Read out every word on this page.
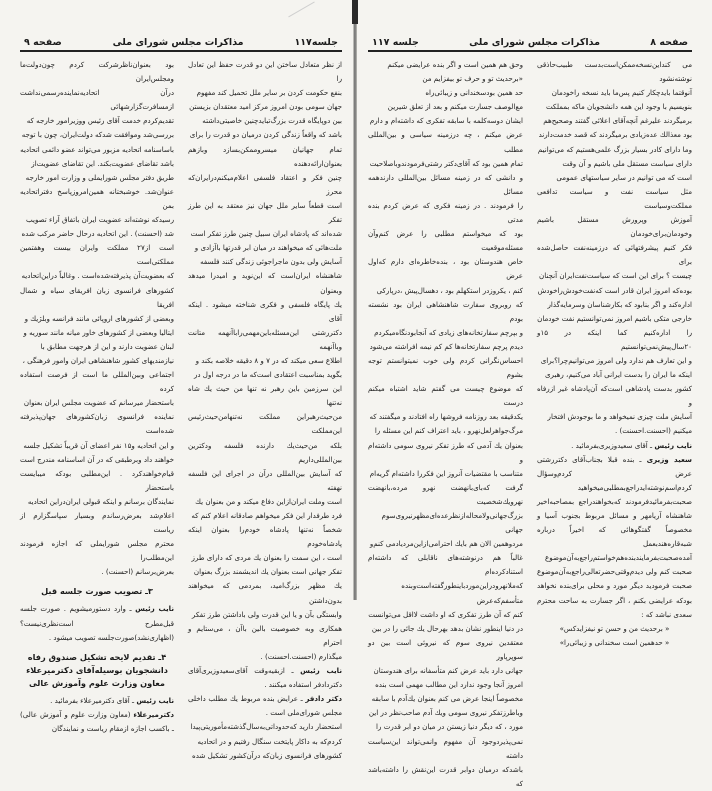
جلسه۱۱۷
مذاکرات مجلس شورای ملی
صفحه ۹

از نظر متعادل ساختن این دو قدرت حفظ این تعادل را
بنفع حکومت کردن بر سایر ملل تحمیل کند مفهوم
جهان سومی بودن امروز مرکز امید معتقدان بزیستن
بین دوپایگاه قدرت بزرگ‌تباید‌چنین خاصیتی‌داشته
باشد که واقعاً زندگی کردن درمیان دو قدرت را برای
تمام جهانیان میسروممکن‌بسازد وبازهم بعنوان‌ارائه‌دهنده
چنین فکر و اعتقاد فلسفی اعلام‌میکنم‌درایران‌که محرز
است قطعاً سایر ملل جهان نیز معتقد به این طرز تفکر
شده‌اند که پادشاه ایران سبیل چنین طرز تفکر است
ملت‌هائی که میخواهند در میان ابر قدرتها باآزادی و
آسایش ولی بدون ماجراجوئی زندگی کنند فلسفه
شاهنشاه ایران‌است که این‌نوید و امیدرا میدهد وبعنوان
یك پایگاه فلسفی و فکری شناخته میشود . اینکه آقای
دکتررشتی این‌مسئله‌باین‌مهمی‌راباآنهمه متانت وباآنهمه
اطلاع سعی میکند که در ۷ و ۸ دقیقه خلاصه بکند و
بگوید بمناسبت اعتقادی است‌که ما در درجه اول در
این سرزمین باین رهبر نه تنها من حیث یك شاه نه‌تنها
من‌حیث‌رهبراین مملکت نه‌تنهامن‌حیث‌رئیس این‌مملکت
بلکه من‌حیث‌یك دارنده فلسفه ودکترین بین‌المللی‌داریم
که آسایش بین‌المللی درآن در اجرای این فلسفه نهفته
است وملت ایران‌ازاین دفاع میکند و من بعنوان یك
فرد طرفدار این فکر میخواهم صادقانه اعلام کنم که
شخصاً نه‌تنها پادشاه خودم‌را بعنوان اینکه پادشاه‌خودم
است ، این سمت را بعنوان یك مردی که دارای طرز
تفکر جهانی است بعنوان یك اندیشمند بزرگ بعنوان
یك مظهر بزرگ‌امید، بمردمی که میخواهند بدون‌داشتن
وابستگی بآن و یا این قدرت ولی باداشتن طرز تفکر
همکاری وبه خصوصیت بالین باآن ، می‌ستایم و احترام
میگذارم (احسنت.احسنت) .

نایب رئیس ـ ازبقیه‌وقت آقای‌سعیدوزیری‌آقای دکتردادفر استفاده میکنند .

دکتر دادفر ـ عرایض بنده مربوط یك مطلب داخلی مجلس شورای‌ملی است .

استحضار دارید که‌حدود‌اتی‌به‌سال‌گذشته‌مأموریتی‌پیدا
کردم‌که به داکار پایتخت سنگال رفتیم و در اتحادیه
کشورهای فرانسوی زبان‌که درآن‌کشور تشکیل شده

بود بعنوان‌ناظرشرکت کردم چون‌دولت‌ما ومجلس‌ایران
درآن اتحادیه‌نماینده‌رسمی‌نداشت ازمسافرت‌گزارشهائی
تقدیم‌کردم خدمت آقای رئیس ووزیرامور خارجه که
بررسی‌شد وموافقت شدکه دولت‌ایران، چون با توجه
باساسنامه اتحادیه مزبور می‌تواند عضو دائمی اتحادیه
باشد تقاضای عضویت‌بکند. این تقاضای عضویت‌از
طریق دفتر مجلس شورایملی و وزارت امور خارجه
عنوان‌شد. خوشبختانه همین‌امروز‌پاسخ دفتراتحادیه بمن
رسیدکه نوشته‌اند عضویت ایران باتفاق آراء تصویب
شد (احسنت) . این اتحادیه درحال حاضر مرکب شده
است از۲۷ مملکت وایران بیست وهفتمین مملکتی‌است
که بعضویت‌آن پذیرفته‌شده‌است . وغالباً دراین‌اتحادیه
کشورهای فرانسوی زبان افریقای سیاه و شمال افریقا
وبعضی از کشورهای اروپائی مانند فرانسه وبلژیك و
ایتالیا وبعضی از کشورهای خاور میانه مانند سوریه و
لبنان عضویت دارند و این از هرجهت مطابق با
نیازمندیهای کشور شاهنشاهی ایران وامور فرهنگی ،
اجتماعی وبین‌المللی ما است از فرصت استفاده کرده
باستحضار میرسانم که عضویت مجلس ایران بعنوان
نماینده فرانسوی زبان‌کشورهای جهان‌پذیرفته شده‌است
و این اتحادیه و۱۵ نفر اعضای آن قریباً تشکیل جلسه
خواهند داد وبرطبقی که در آن اساسنامه مندرج است
قیام‌خواهندکرد . این‌مطلبی بودکه میبایست باستحضار
نمایندگان برسانم و اینکه قبولی ایران‌دراین اتحادیه
اعلام‌شد بعرض‌رساندم وبسیار سپاسگزارم از ریاست
محترم مجلس شورایملی که اجازه فرمودند این‌مطلب‌را
بعرض‌برسانم (احسنت) .

۳ـ تصویب صورت جلسه قبل

نایب رئیس ـ وارد دستورمیشویم . صورت جلسه قبل‌مطرح است‌نظری‌نیست؟ (اظهاری‌نشد)صورت‌جلسه تصویب میشود .

۴ـ تقدیم لایحه تشکیل صندوق رفاه دانشجویان بوسیله‌آقای دکترمیرعلاء معاون وزارت علوم وآموزش عالی

نایب رئیس ـ آقای دکترمیرعلاء بفرمائید .

دکترمیرعلاء (معاون وزارت علوم و آموزش عالی) ـ باکسب اجازه ازمقام ریاست و نمایندگان

صفحه ۸
مذاکرات مجلس شورای ملی
جلسه ۱۱۷

می کنداین‌نسخه‌ممکن‌است‌بدست طبیب‌حاذقی نوشته‌نشود
آنوقتما بایدچکار کنیم پس‌ما باید نسخه راخودمان
بنویسیم با وجود این همه دانشجویان ماکه بمملکت
برمیگردند علیرغم آنچه‌آقای اعلائی گفتند وصحیح‌هم
بود معذالك عده‌زیادی برمیگردند که قصد خدمت‌دارند
وما دارای کادر بسیار بزرگ علمی‌هستیم که می‌توانیم
دارای سیاست مستقل ملی باشیم و آن وقت
است که می توانیم در سایر سیاستهای عمومی
مثل سیاست نفت و سیاست تدافعی مملکت‌وسیاست
آموزش وپرورش مستقل باشیم وخودمان‌برای‌خودمان
فکر کنیم پیشرفتهائی که درزمینه‌نفت حاصل‌شده برای
چیست ؟ برای این است که سیاست‌نفت‌ایران آنچنان
بوده‌که امروز ایران قادر است که‌نفت‌خودش‌راخودش
اداره‌کند و اگر بنابود که بکارشناسان وسرمایه‌گذار
خارجی متکی باشیم امروز نمی‌توانستیم نفت خودمان
را اداره‌کنیم کما اینکه در ۱۵و ۲۰سال‌پیش‌نمی‌توانستیم
و این تعارف هم ندارد ولی امروز می‌توانیم‌چرا؟برای
اینکه ما ایران را بدست ایرانی آباد می‌کنیم، رهبری
کشور بدست پادشاهی است‌که آن‌پادشاه غیر ازرفاه و
آسایش ملت چیزی نمیخواهد و ما بوجودش افتخار
میکنیم (احسنت.احسنت) .

نایب رئیس ـ آقای سعیدوزیری‌بفرمائید .

سعید وزیری ـ بنده قبلا بجناب‌آقای دکتررشتی عرض کردم‌وسؤال کردم‌اسم‌نوشته‌اید‌راجع‌بمطلبی‌میخواهید صحبت‌بفرمائید‌فرمودند که‌بخواهند‌راجع بمصاحبه‌اخیر شاهنشاه آریامهر و مسائل مربوط بجنوب آسیا و مخصوصاً گفتگوهائی که اخیراً درباره شبه‌قاره‌هند‌بعمل آمده‌صحبت‌بفرمایند‌بنده‌هم‌خواستم‌راجع‌به‌آن‌موضوع صحبت کنم ولی دیدم‌وقتی‌حضرتعالی‌راجع‌به‌آن‌موضوع صحبت فرمودید دیگر مورد و محلی برای‌بنده نخواهد بودکه عرایضی بکنم ، اگر جسارت به ساحت محترم سعدی نباشد که :

« برحدیث من و حسن تو نیفزاید‌کس»
« حدهمین است سخندانی و زیبائی‌را»

وحق هم همین است و اگر بنده عرایضی میکنم
«برحدیث تو و حرف تو بیفزایم من
حد همین بودسخندانی و زیبائی‌راه
مع‌الوصف جسارت میکنم و بعد از تعلق شیرین
ایشان دوسه‌کلمه با سابقه تفکری که داشته‌ام و دارم
عرض میکنم ، چه درزمینه سیاسی و بین‌المللی مطلب
تمام همین بود که آقای‌دکتر رشتی‌فرمودندو‌باصلاحیت
و دانشی که در زمینه مسائل بین‌المللی دارندهمه مسائل
را فرمودند . در زمینه فکری که عرض کردم بنده مدتی
بود که میخواستم مطلبی را عرض کنم‌و‌آن مسئله‌موقعیت
خاص هندوستان بود ، بنده‌خاطره‌ای دارم که‌اول عرض
کنم ، یکروزدر استکهلم بود ، دهسال‌پیش ،درپارکی
که روبروی سفارت شاهنشاهی ایران بود نشسته بودم
و بپرچم سفارتخانه‌های زیادی که آنجابودنگاه‌میکردم
دیدم پرچم سفارتخانه‌ها کم کم نیمه افراشته می‌شود
احساس‌نگرانی کردم ولی خوب نمیتوانستم توجه بشوم
که موضوع چیست می گفتم شاید اشتباه میکنم درست
یکدقیقه بعد روزنامه فروشها راه افتادند و میگفتند که
مرگ‌جواهرلعل‌نهرو ، باید اعتراف کنم این مسئله را
بعنوان یك آدمی که طرز تفکر نیروی سومی داشته‌ام و
متناسب با مقتضیات آنروز این فکررا داشته‌ام گریه‌ام
گرفت که‌بای‌بانهضت نهرو مرده،بانهضت نهرویك‌شخصیت
بزرگ‌جهانی‌ولامحاله‌ازنظرعده‌ای‌مظهرنیروی‌سوم جهانی
مردوهمین الان هم بایك احترامی‌ازاین‌مردیادمی کنم‌و
غالباً هم درنوشته‌های ناقابلی که داشته‌ام استنادکرده‌ام
که‌ملانهرودراین‌موردباینطورگفته‌است‌وبنده متأسفم‌که‌عرض
کنم که آن طرز تفکری که او داشت لااقل می‌توانست
در دنیا اینطور نشان بدهد بهرحال یك جائی را در بین
معتقدین نیروی سوم که نیروئی است بین دو سوپرپاور
جهانی دارد باید عرض کنم متأسفانه برای هندوستان
امروز آنجا وجود ندارد این مطالب مهمی است بنده
مخصوصاً اینجا عرض می کنم بعنوان یك‌آدم با سابقه
وباطرزتفکر نیروی سومی ویك آدم صاحب‌نظر در این
مورد ، که دیگر دنیا زیستن در میان دو ابر قدرت را
نمی‌پذیرد‌وجود آن مفهوم وانمی‌تواند این‌سیاست داشته
باشدکه درمیان دوابر قدرت این‌نقش را داشته‌باشد که
